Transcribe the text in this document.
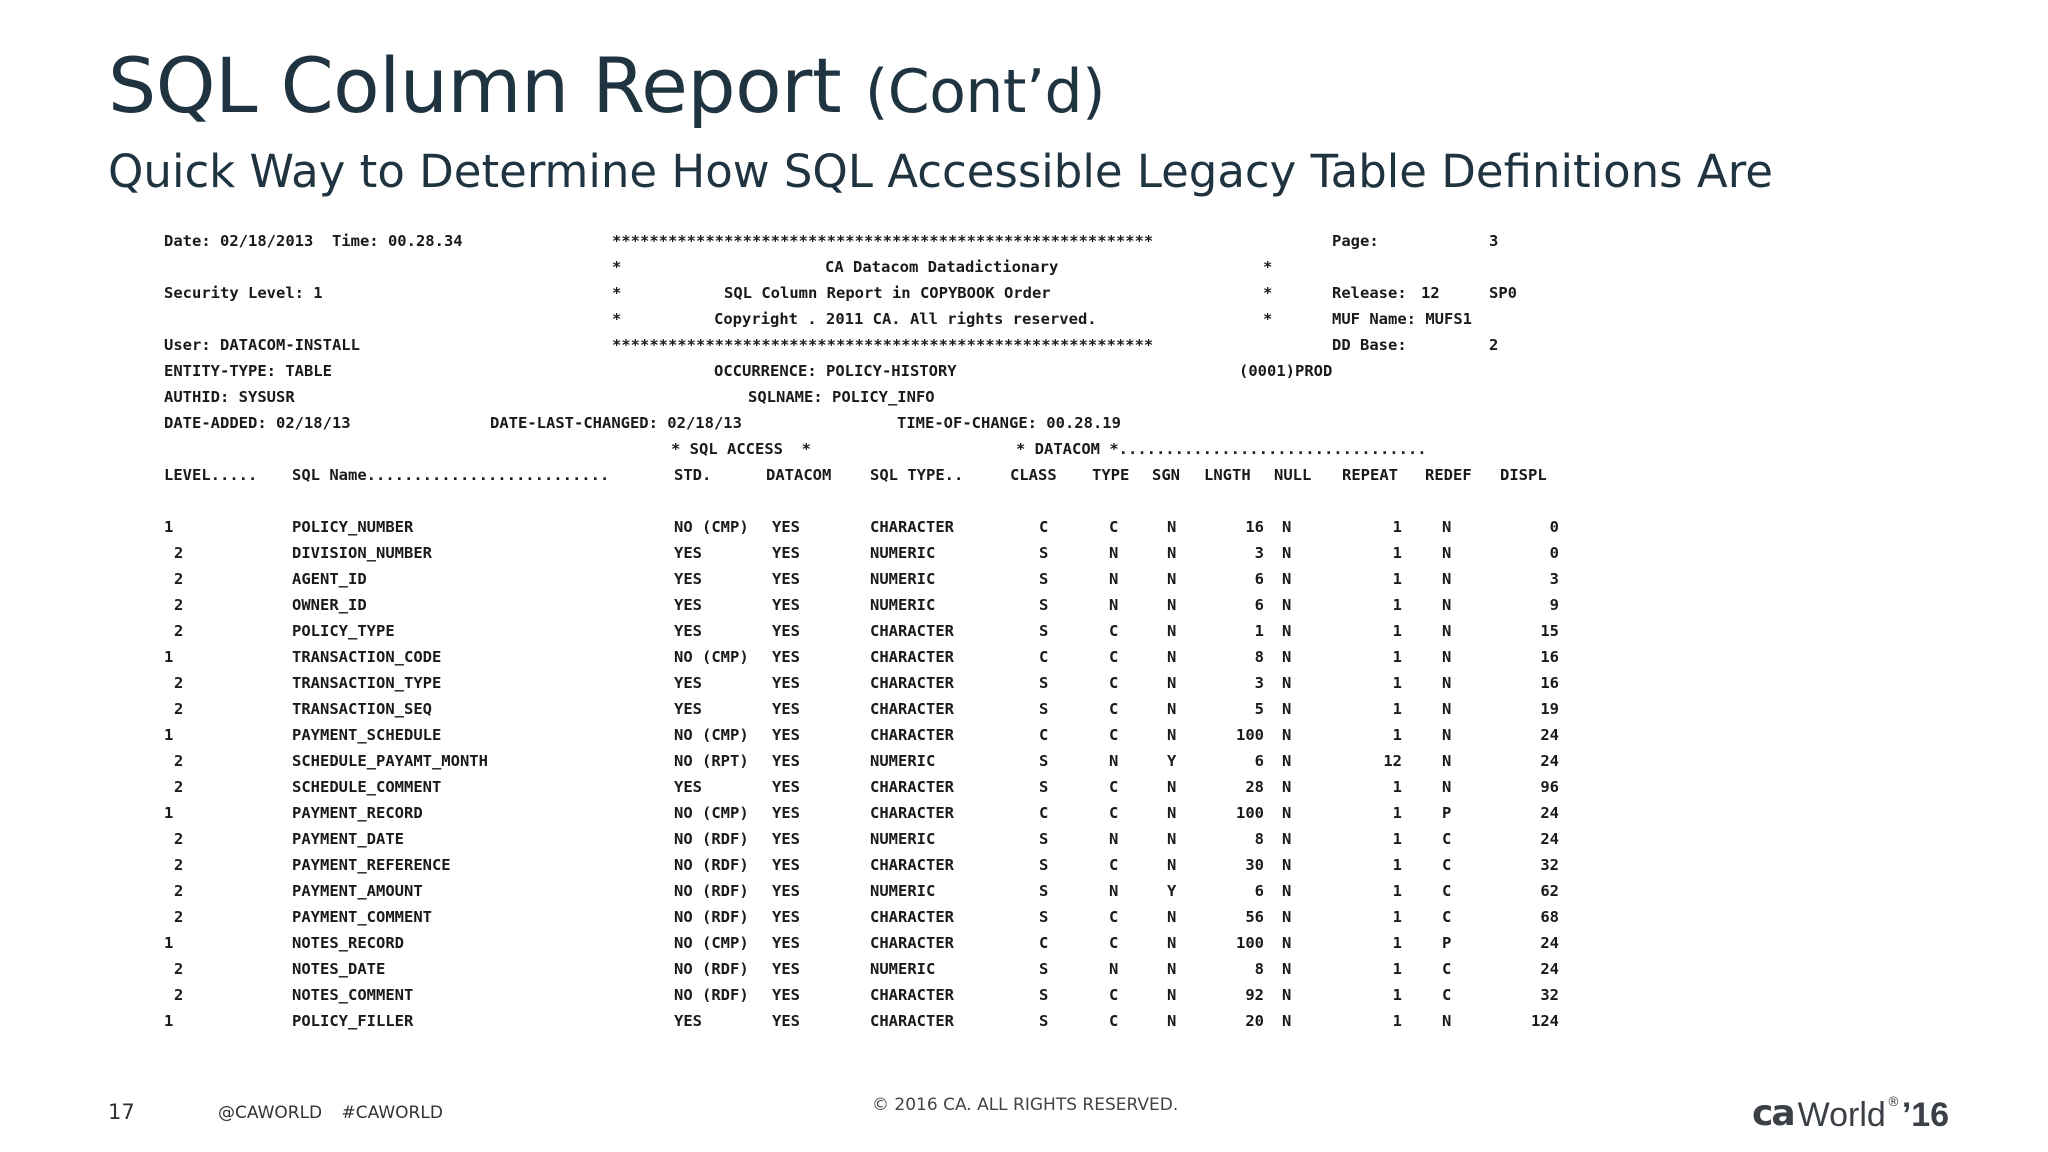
SQL Column Report (Cont’d)
Quick Way to Determine How SQL Accessible Legacy Table Definitions Are
Date: 02/18/2013  Time: 00.28.34	**********************************************************	Page:	3
*	CA Datacom Datadictionary	*
Security Level: 1	*	SQL Column Report in COPYBOOK Order	*	Release: 12	SP0
*	Copyright . 2011 CA. All rights reserved.	*	MUF Name: MUFS1
User: DATACOM-INSTALL	**********************************************************	DD Base:	2
ENTITY-TYPE: TABLE	OCCURRENCE: POLICY-HISTORY	(0001)PROD
AUTHID: SYSUSR	SQLNAME: POLICY_INFO
DATE-ADDED: 02/18/13	DATE-LAST-CHANGED: 02/18/13	TIME-OF-CHANGE: 00.28.19
* SQL ACCESS  *	* DATACOM *.................................
LEVEL..... SQL Name..........................	STD.	DATACOM SQL TYPE..	CLASS TYPE SGN LNGTH NULL REPEAT REDEF DISPL
1	POLICY_NUMBER	NO (CMP) YES	CHARACTER	C	C	N	16 N	1	N	0
2	DIVISION_NUMBER	YES	YES	NUMERIC	S	N	N	3 N	1	N	0
2	AGENT_ID	YES	YES	NUMERIC	S	N	N	6 N	1	N	3
2	OWNER_ID	YES	YES	NUMERIC	S	N	N	6 N	1	N	9
2	POLICY_TYPE	YES	YES	CHARACTER	S	C	N	1 N	1	N	15
1	TRANSACTION_CODE	NO (CMP) YES	CHARACTER	C	C	N	8 N	1	N	16
2	TRANSACTION_TYPE	YES	YES	CHARACTER	S	C	N	3 N	1	N	16
2	TRANSACTION_SEQ	YES	YES	CHARACTER	S	C	N	5 N	1	N	19
1	PAYMENT_SCHEDULE	NO (CMP) YES	CHARACTER	C	C	N	100 N	1	N	24
2	SCHEDULE_PAYAMT_MONTH	NO (RPT) YES	NUMERIC	S	N	Y	6 N	12	N	24
2	SCHEDULE_COMMENT	YES	YES	CHARACTER	S	C	N	28 N	1	N	96
1	PAYMENT_RECORD	NO (CMP) YES	CHARACTER	C	C	N	100 N	1	P	24
2	PAYMENT_DATE	NO (RDF) YES	NUMERIC	S	N	N	8 N	1	C	24
2	PAYMENT_REFERENCE	NO (RDF) YES	CHARACTER	S	C	N	30 N	1	C	32
2	PAYMENT_AMOUNT	NO (RDF) YES	NUMERIC	S	N	Y	6 N	1	C	62
2	PAYMENT_COMMENT	NO (RDF) YES	CHARACTER	S	C	N	56 N	1	C	68
1	NOTES_RECORD	NO (CMP) YES	CHARACTER	C	C	N	100 N	1	P	24
2	NOTES_DATE	NO (RDF) YES	NUMERIC	S	N	N	8 N	1	C	24
2	NOTES_COMMENT	NO (RDF) YES	CHARACTER	S	C	N	92 N	1	C	32
1	POLICY_FILLER	YES	YES	CHARACTER	S	C	N	20 N	1	N	124
17	@CAWORLD #CAWORLD	© 2016 CA. ALL RIGHTS RESERVED.	ca World ® ’16
